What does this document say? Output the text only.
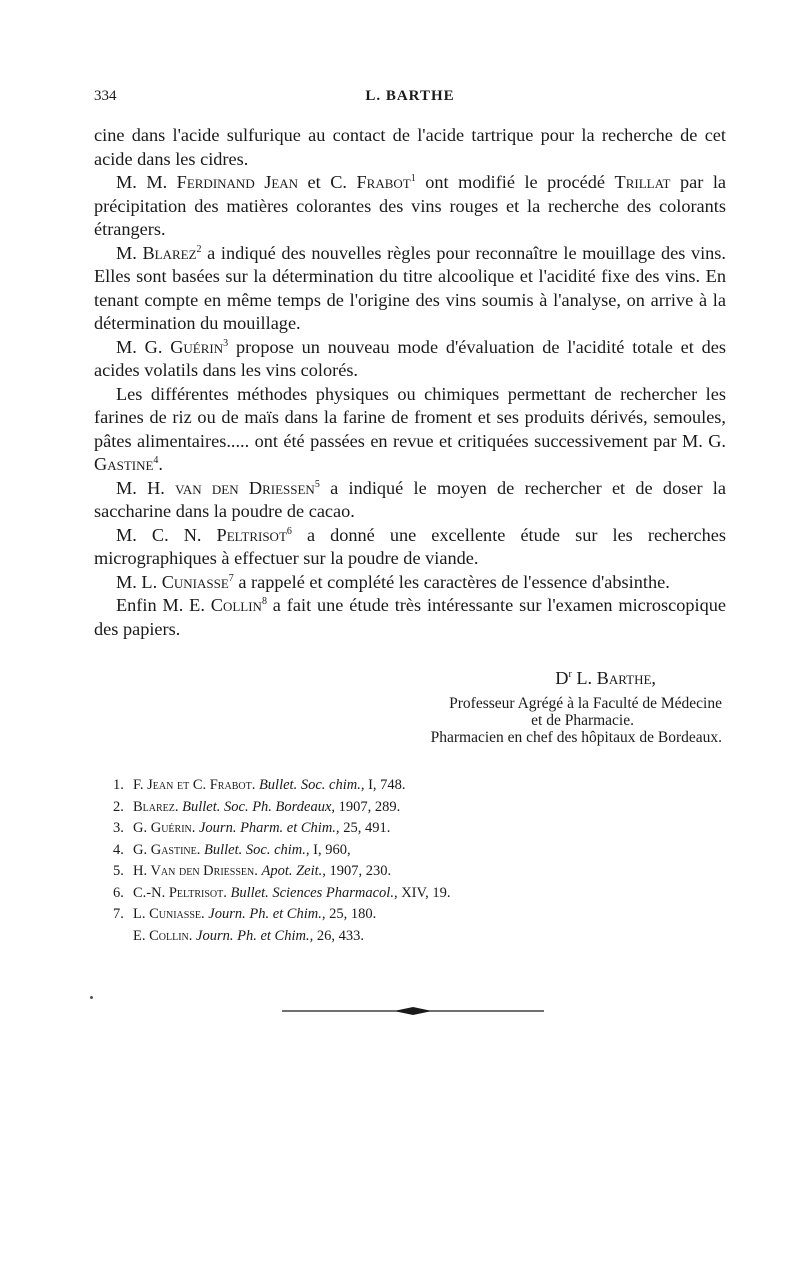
334	L. BARTHE

cine dans l'acide sulfurique au contact de l'acide tartrique pour la recherche de cet acide dans les cidres.

M. M. Ferdinand Jean et C. Frabot$^1$ ont modifié le procédé Trillat par la précipitation des matières colorantes des vins rouges et la recherche des colorants étrangers.

M. Blarez$^2$ a indiqué des nouvelles règles pour reconnaître le mouillage des vins. Elles sont basées sur la détermination du titre alcoolique et l'acidité fixe des vins. En tenant compte en même temps de l'origine des vins soumis à l'analyse, on arrive à la détermination du mouillage.

M. G. Guérin$^3$ propose un nouveau mode d'évaluation de l'acidité totale et des acides volatils dans les vins colorés.

Les différentes méthodes physiques ou chimiques permettant de rechercher les farines de riz ou de maïs dans la farine de froment et ses produits dérivés, semoules, pâtes alimentaires..... ont été passées en revue et critiquées successivement par M. G. Gastine$^4$.

M. H. van den Driessen$^5$ a indiqué le moyen de rechercher et de doser la saccharine dans la poudre de cacao.

M. C. N. Peltrisot$^6$ a donné une excellente étude sur les recherches micrographiques à effectuer sur la poudre de viande.

M. L. Cuniasse$^7$ a rappelé et complété les caractères de l'essence d'absinthe.

Enfin M. E. Collin$^8$ a fait une étude très intéressante sur l'examen microscopique des papiers.

$D^r$ L. Barthe,
Professeur Agrégé à la Faculté de Médecine
et de Pharmacie.
Pharmacien en chef des hôpitaux de Bordeaux.
1. F. Jean et C. Frabot. Bullet. Soc. chim., I, 748.
2. Blarez. Bullet. Soc. Ph. Bordeaux, 1907, 289.
3. G. Guérin. Journ. Pharm. et Chim., 25, 491.
4. G. Gastine. Bullet. Soc. chim., I, 960,
5. H. Van den Driessen. Apot. Zeit., 1907, 230.
6. C.-N. Peltrisot. Bullet. Sciences Pharmacol., XIV, 19.
7. L. Cuniasse. Journ. Ph. et Chim., 25, 180.
E. Collin. Journ. Ph. et Chim., 26, 433.
